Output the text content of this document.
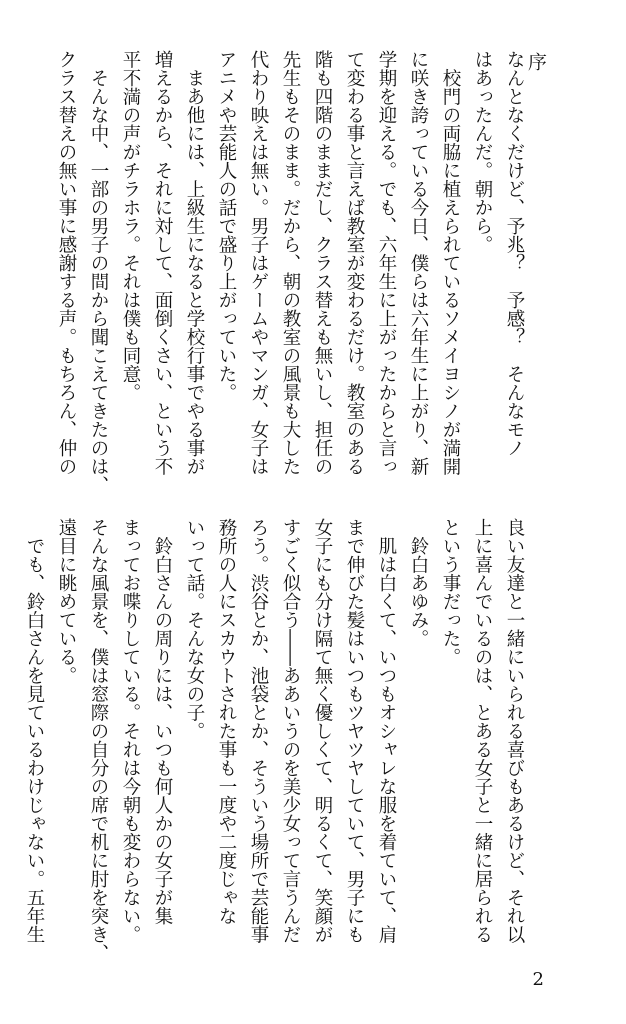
序
なんとなくだけど、予兆？　予感？　そんなモノ
はあったんだ。朝から。
　校門の両脇に植えられているソメイヨシノが満開
に咲き誇っている今日、僕らは六年生に上がり、新
学期を迎える。でも、六年生に上がったからと言っ
て変わる事と言えば教室が変わるだけ。教室のある
階も四階のままだし、クラス替えも無いし、担任の
先生もそのまま。だから、朝の教室の風景も大した
代わり映えは無い。男子はゲームやマンガ、女子は
アニメや芸能人の話で盛り上がっていた。
　まあ他には、上級生になると学校行事でやる事が
増えるから、それに対して、面倒くさい、という不
平不満の声がチラホラ。それは僕も同意。
　そんな中、一部の男子の間から聞こえてきたのは、
クラス替えの無い事に感謝する声。もちろん、仲の
良い友達と一緒にいられる喜びもあるけど、それ以
上に喜んでいるのは、とある女子と一緒に居られる
という事だった。
　鈴白あゆみ。
　肌は白くて、いつもオシャレな服を着ていて、肩
まで伸びた髪はいつもツヤツヤしていて、男子にも
女子にも分け隔て無く優しくて、明るくて、笑顔が
すごく似合う――ああいうのを美少女って言うんだ
ろう。渋谷とか、池袋とか、そういう場所で芸能事
務所の人にスカウトされた事も一度や二度じゃな
いって話。そんな女の子。
　鈴白さんの周りには、いつも何人かの女子が集
まってお喋りしている。それは今朝も変わらない。
そんな風景を、僕は窓際の自分の席で机に肘を突き、
遠目に眺めている。
　でも、鈴白さんを見ているわけじゃない。五年生
2
